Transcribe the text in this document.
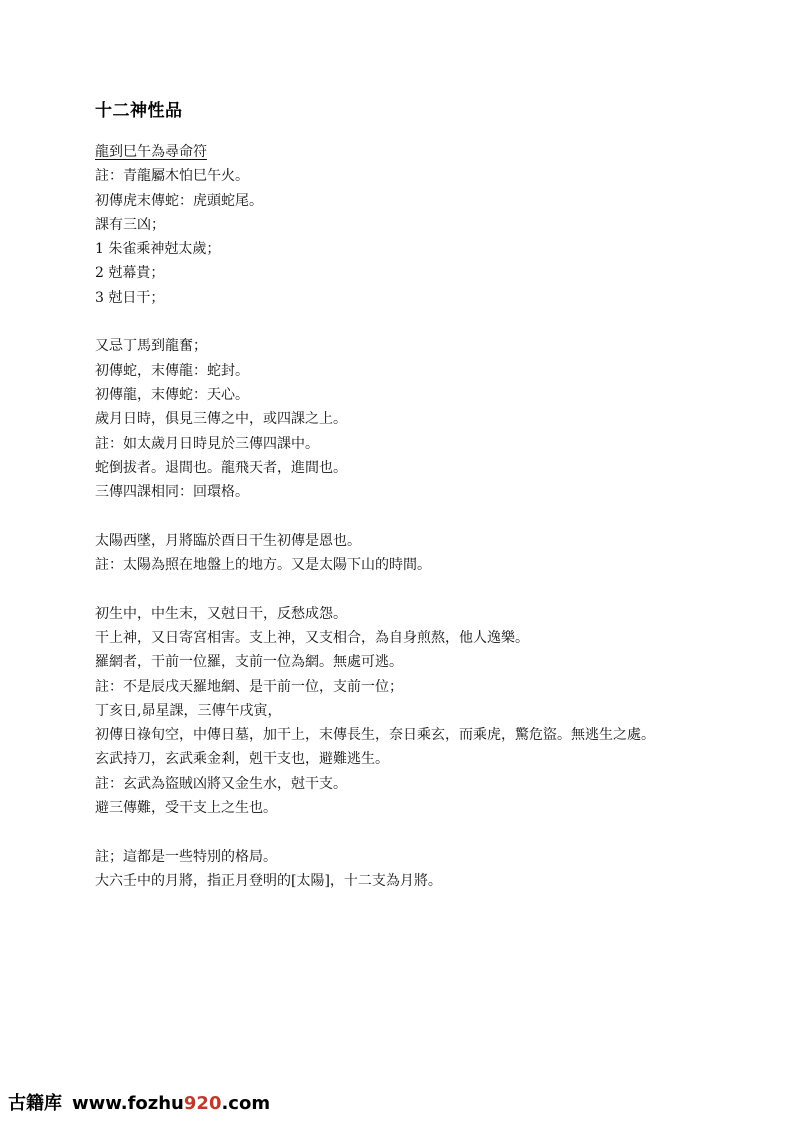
十二神性品
龍到巳午為尋命符
註：青龍屬木怕巳午火。
初傳虎末傳蛇：虎頭蛇尾。
課有三凶；
1 朱雀乘神尅太歲；
2 尅幕貴；
3 尅日干；
又忌丁馬到龍奮；
初傳蛇，末傳龍：蛇封。
初傳龍，末傳蛇：天心。
歲月日時，俱見三傳之中，或四課之上。
註：如太歲月日時見於三傳四課中。
蛇倒拔者。退間也。龍飛天者，進間也。
三傳四課相同：回環格。
太陽西墜，月將臨於酉日干生初傳是恩也。
註：太陽為照在地盤上的地方。又是太陽下山的時間。
初生中，中生末，又尅日干，反愁成怨。
干上神，又日寄宮相害。支上神，又支相合，為自身煎熬，他人逸樂。
羅網者，干前一位羅，支前一位為網。無處可逃。
註：不是辰戌天羅地網、是干前一位，支前一位；
丁亥日,昴星課，三傳午戌寅，
初傳日祿旬空，中傳日墓，加干上，末傳長生，奈日乘玄，而乘虎，驚危盜。無逃生之處。
玄武持刀，玄武乘金剎，剋干支也，避難逃生。
註：玄武為盜賊凶將又金生水，尅干支。
避三傳難，受干支上之生也。
註；這都是一些特別的格局。
大六壬中的月將，指正月登明的[太陽]，十二支為月將。
古籍库 www.fozhu 920 .com
